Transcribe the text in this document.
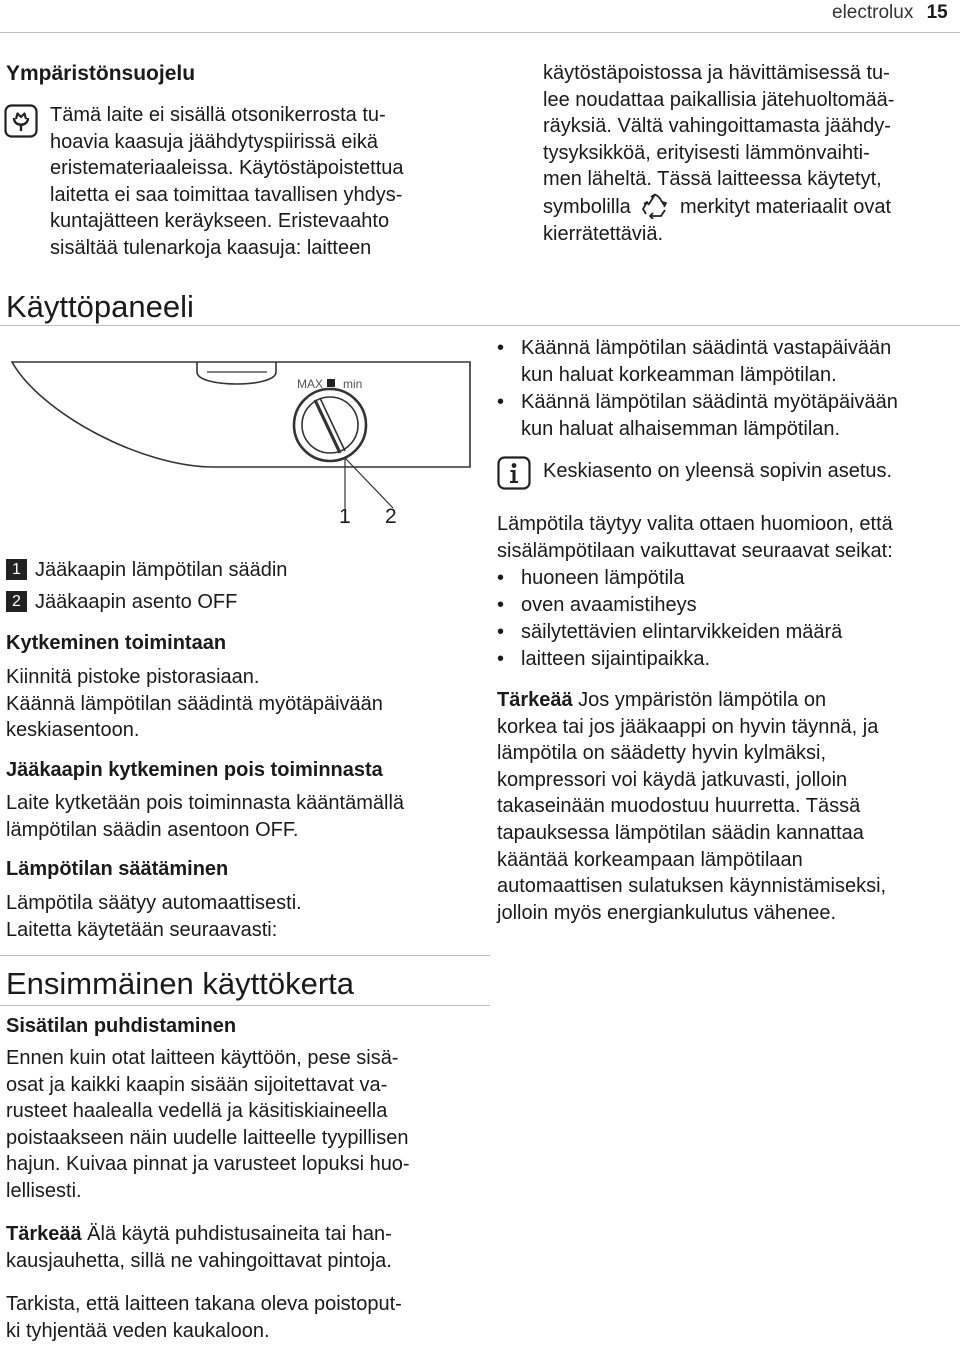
electrolux 15

Ympäristönsuojelu

Tämä laite ei sisällä otsonikerrosta tu-

hoavia kaasuja jäähdytyspiirissä eikä

eristemateriaaleissa. Käytöstäpoistettua

laitetta ei saa toimittaa tavallisen yhdys-

kuntajätteen keräykseen. Eristevaahto

sisältää tulenarkoja kaasuja: laitteen

käytöstäpoistossa ja hävittämisessä tu-

lee noudattaa paikallisia jätehuoltomää-

räyksiä. Vältä vahingoittamasta jäähdy-

tysyksikköä, erityisesti lämmönvaihti-

men läheltä. Tässä laitteessa käytetyt,

symbolilla merkityt materiaalit ovat

kierrätettäviä.

Käyttöpaneeli

MAX min
1 2

1 Jääkaapin lämpötilan säädin

2 Jääkaapin asento OFF

Kytkeminen toimintaan

Kiinnitä pistoke pistorasiaan.

Käännä lämpötilan säädintä myötäpäivään

keskiasentoon.

Jääkaapin kytkeminen pois toiminnasta

Laite kytketään pois toiminnasta kääntämällä

lämpötilan säädin asentoon OFF.

Lämpötilan säätäminen

Lämpötila säätyy automaattisesti.

Laitetta käytetään seuraavasti:

• Käännä lämpötilan säädintä vastapäivään
kun haluat korkeamman lämpötilan.
• Käännä lämpötilan säädintä myötäpäivään
kun haluat alhaisemman lämpötilan.

Keskiasento on yleensä sopivin asetus.

Lämpötila täytyy valita ottaen huomioon, että

sisälämpötilaan vaikuttavat seuraavat seikat:

• huoneen lämpötila
• oven avaamistiheys
• säilytettävien elintarvikkeiden määrä
• laitteen sijaintipaikka.

Tärkeää Jos ympäristön lämpötila on

korkea tai jos jääkaappi on hyvin täynnä, ja

lämpötila on säädetty hyvin kylmäksi,

kompressori voi käydä jatkuvasti, jolloin

takaseinään muodostuu huurretta. Tässä

tapauksessa lämpötilan säädin kannattaa

kääntää korkeampaan lämpötilaan

automaattisen sulatuksen käynnistämiseksi,

jolloin myös energiankulutus vähenee.

Ensimmäinen käyttökerta

Sisätilan puhdistaminen

Ennen kuin otat laitteen käyttöön, pese sisä-

osat ja kaikki kaapin sisään sijoitettavat va-

rusteet haalealla vedellä ja käsitiskiaineella

poistaakseen näin uudelle laitteelle tyypillisen

hajun. Kuivaa pinnat ja varusteet lopuksi huo-

lellisesti.

Tärkeää Älä käytä puhdistusaineita tai han-

kausjauhetta, sillä ne vahingoittavat pintoja.

Tarkista, että laitteen takana oleva poistoput-

ki tyhjentää veden kaukaloon.
